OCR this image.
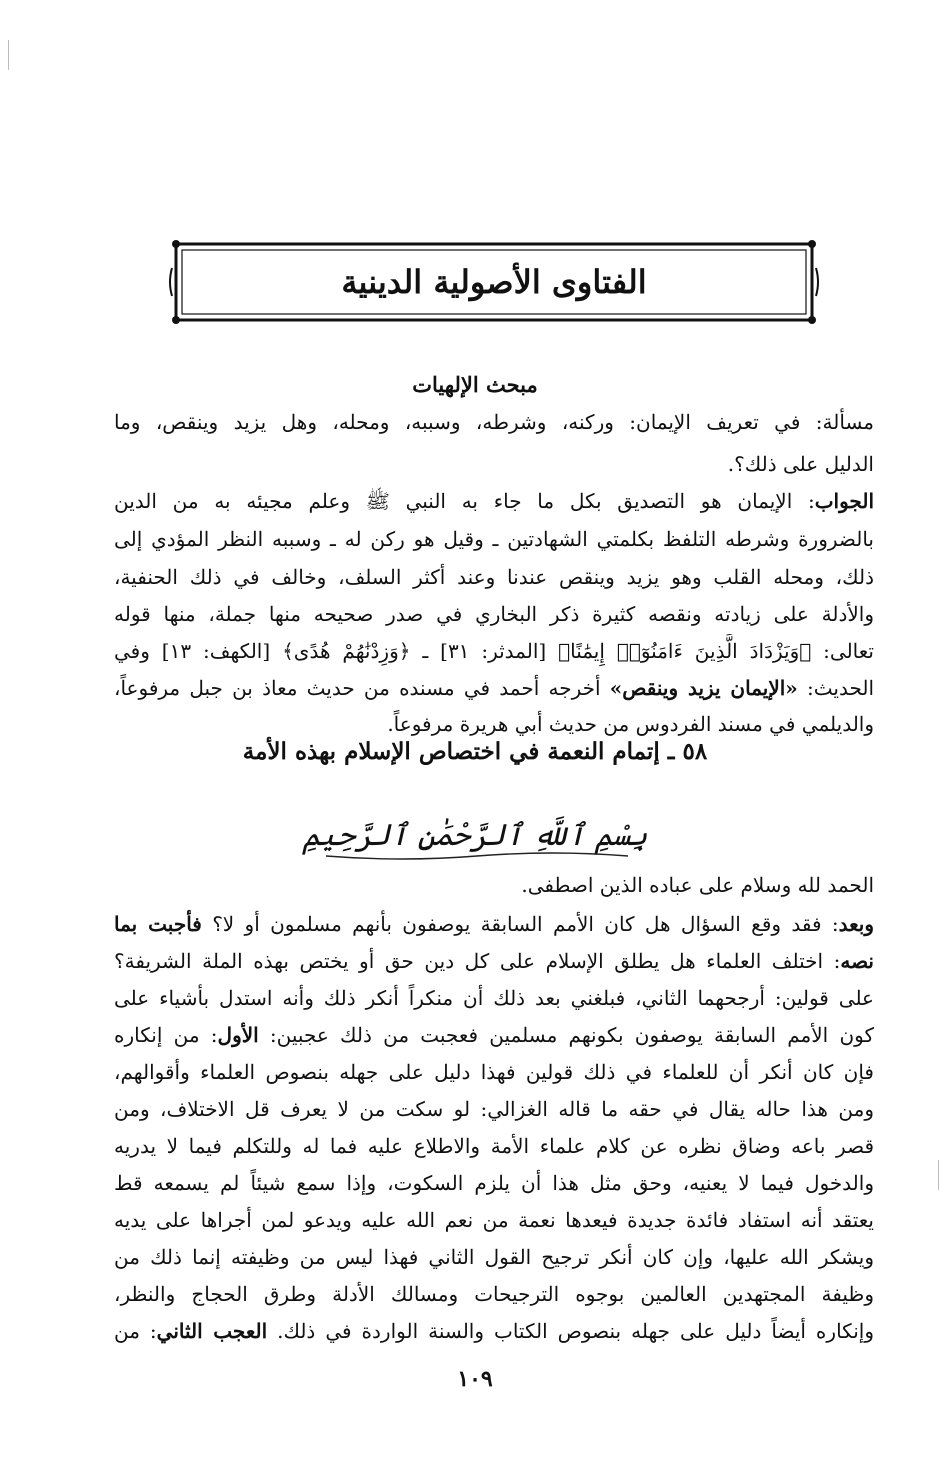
الفتاوى الأصولية الدينية
مبحث الإلهيات
مسألة: في تعريف الإيمان: وركنه، وشرطه، وسببه، ومحله، وهل يزيد وينقص، وما
الدليل على ذلك؟.
الجواب: الإيمان هو التصديق بكل ما جاء به النبي ﷺ وعلم مجيئه به من الدين
بالضرورة وشرطه التلفظ بكلمتي الشهادتين ـ وقيل هو ركن له ـ وسببه النظر المؤدي إلى
ذلك، ومحله القلب وهو يزيد وينقص عندنا وعند أكثر السلف، وخالف في ذلك الحنفية،
والأدلة على زيادته ونقصه كثيرة ذكر البخاري في صدر صحيحه منها جملة، منها قوله
تعالى: ﴿وَيَزْدَادَ الَّذِينَ ءَامَنُوٓا۟ إِيمَٰنًا﴾ [المدثر: ٣١] ـ ﴿وَزِدْنَٰهُمْ هُدًى﴾ [الكهف: ١٣] وفي
الحديث: «الإيمان يزيد وينقص» أخرجه أحمد في مسنده من حديث معاذ بن جبل مرفوعاً،
والديلمي في مسند الفردوس من حديث أبي هريرة مرفوعاً.
٥٨ ـ إتمام النعمة في اختصاص الإسلام بهذه الأمة
بِسْمِ ٱللَّهِ ٱلرَّحْمَٰنِ ٱلرَّحِيمِ
الحمد لله وسلام على عباده الذين اصطفى.
وبعد: فقد وقع السؤال هل كان الأمم السابقة يوصفون بأنهم مسلمون أو لا؟ فأجبت بما
نصه: اختلف العلماء هل يطلق الإسلام على كل دين حق أو يختص بهذه الملة الشريفة؟
على قولين: أرجحهما الثاني، فبلغني بعد ذلك أن منكراً أنكر ذلك وأنه استدل بأشياء على
كون الأمم السابقة يوصفون بكونهم مسلمين فعجبت من ذلك عجبين: الأول: من إنكاره
فإن كان أنكر أن للعلماء في ذلك قولين فهذا دليل على جهله بنصوص العلماء وأقوالهم،
ومن هذا حاله يقال في حقه ما قاله الغزالي: لو سكت من لا يعرف قل الاختلاف، ومن
قصر باعه وضاق نظره عن كلام علماء الأمة والاطلاع عليه فما له وللتكلم فيما لا يدريه
والدخول فيما لا يعنيه، وحق مثل هذا أن يلزم السكوت، وإذا سمع شيئاً لم يسمعه قط
يعتقد أنه استفاد فائدة جديدة فيعدها نعمة من نعم الله عليه ويدعو لمن أجراها على يديه
ويشكر الله عليها، وإن كان أنكر ترجيح القول الثاني فهذا ليس من وظيفته إنما ذلك من
وظيفة المجتهدين العالمين بوجوه الترجيحات ومسالك الأدلة وطرق الحجاج والنظر،
وإنكاره أيضاً دليل على جهله بنصوص الكتاب والسنة الواردة في ذلك. العجب الثاني: من
١٠٩
